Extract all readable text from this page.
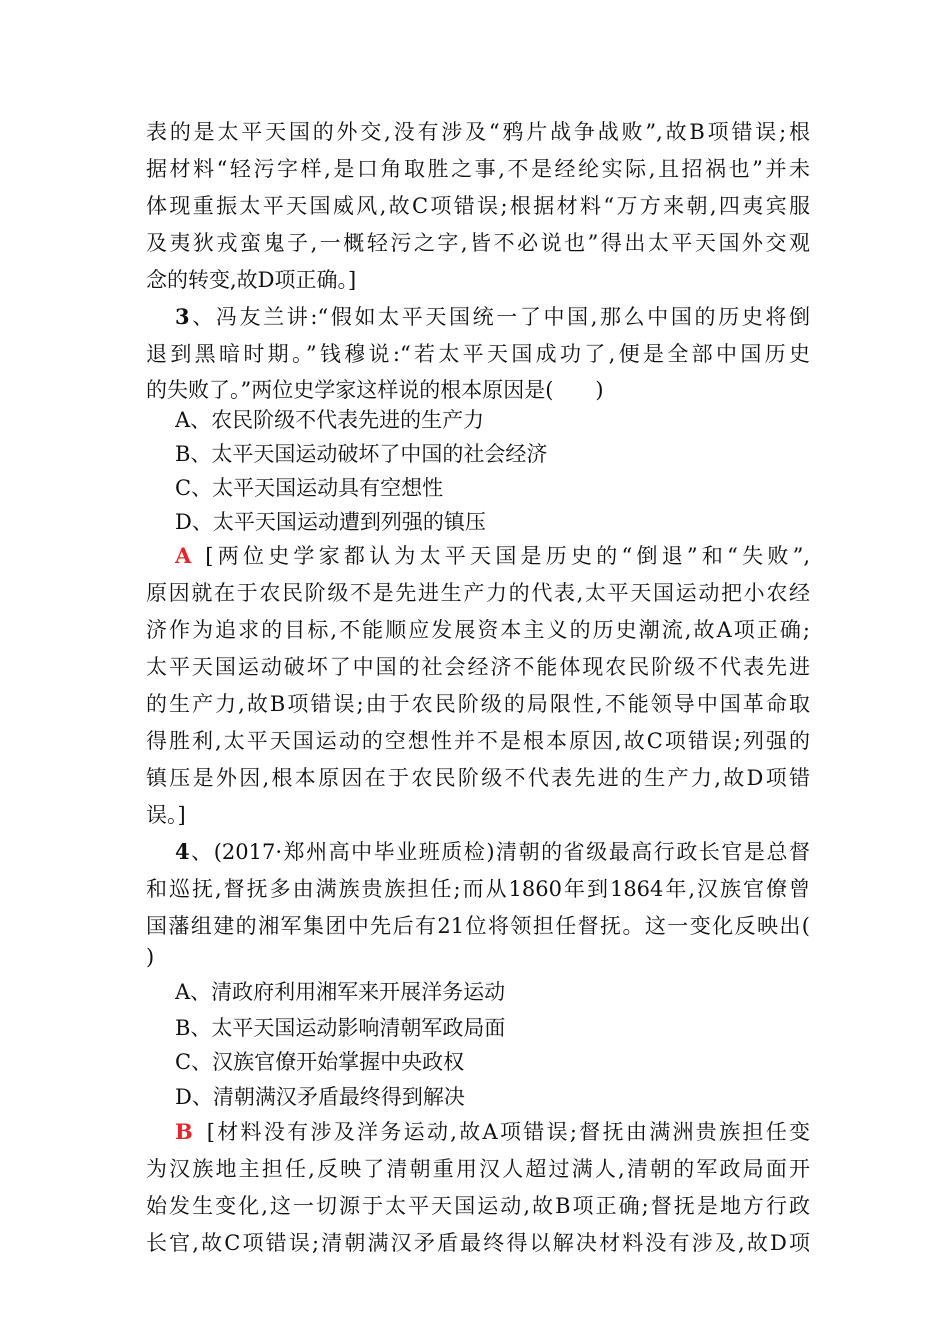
表的是太平天国的外交,没有涉及“鸦片战争战败”,故B项错误;根
据材料“轻污字样,是口角取胜之事,不是经纶实际,且招祸也”并未
体现重振太平天国威风,故C项错误;根据材料“万方来朝,四夷宾服
及夷狄戎蛮鬼子,一概轻污之字,皆不必说也”得出太平天国外交观
念的转变,故D项正确。]
3、冯友兰讲:“假如太平天国统一了中国,那么中国的历史将倒
退到黑暗时期。”钱穆说:“若太平天国成功了,便是全部中国历史
的失败了。”两位史学家这样说的根本原因是(　　)
A、农民阶级不代表先进的生产力
B、太平天国运动破坏了中国的社会经济
C、太平天国运动具有空想性
D、太平天国运动遭到列强的镇压
A [两位史学家都认为太平天国是历史的“倒退”和“失败”,
原因就在于农民阶级不是先进生产力的代表,太平天国运动把小农经
济作为追求的目标,不能顺应发展资本主义的历史潮流,故A项正确;
太平天国运动破坏了中国的社会经济不能体现农民阶级不代表先进
的生产力,故B项错误;由于农民阶级的局限性,不能领导中国革命取
得胜利,太平天国运动的空想性并不是根本原因,故C项错误;列强的
镇压是外因,根本原因在于农民阶级不代表先进的生产力,故D项错
误。]
4、(2017·郑州高中毕业班质检)清朝的省级最高行政长官是总督
和巡抚,督抚多由满族贵族担任;而从1860年到1864年,汉族官僚曾
国藩组建的湘军集团中先后有21位将领担任督抚。这一变化反映出(
)
A、清政府利用湘军来开展洋务运动
B、太平天国运动影响清朝军政局面
C、汉族官僚开始掌握中央政权
D、清朝满汉矛盾最终得到解决
B [材料没有涉及洋务运动,故A项错误;督抚由满洲贵族担任变
为汉族地主担任,反映了清朝重用汉人超过满人,清朝的军政局面开
始发生变化,这一切源于太平天国运动,故B项正确;督抚是地方行政
长官,故C项错误;清朝满汉矛盾最终得以解决材料没有涉及,故D项
